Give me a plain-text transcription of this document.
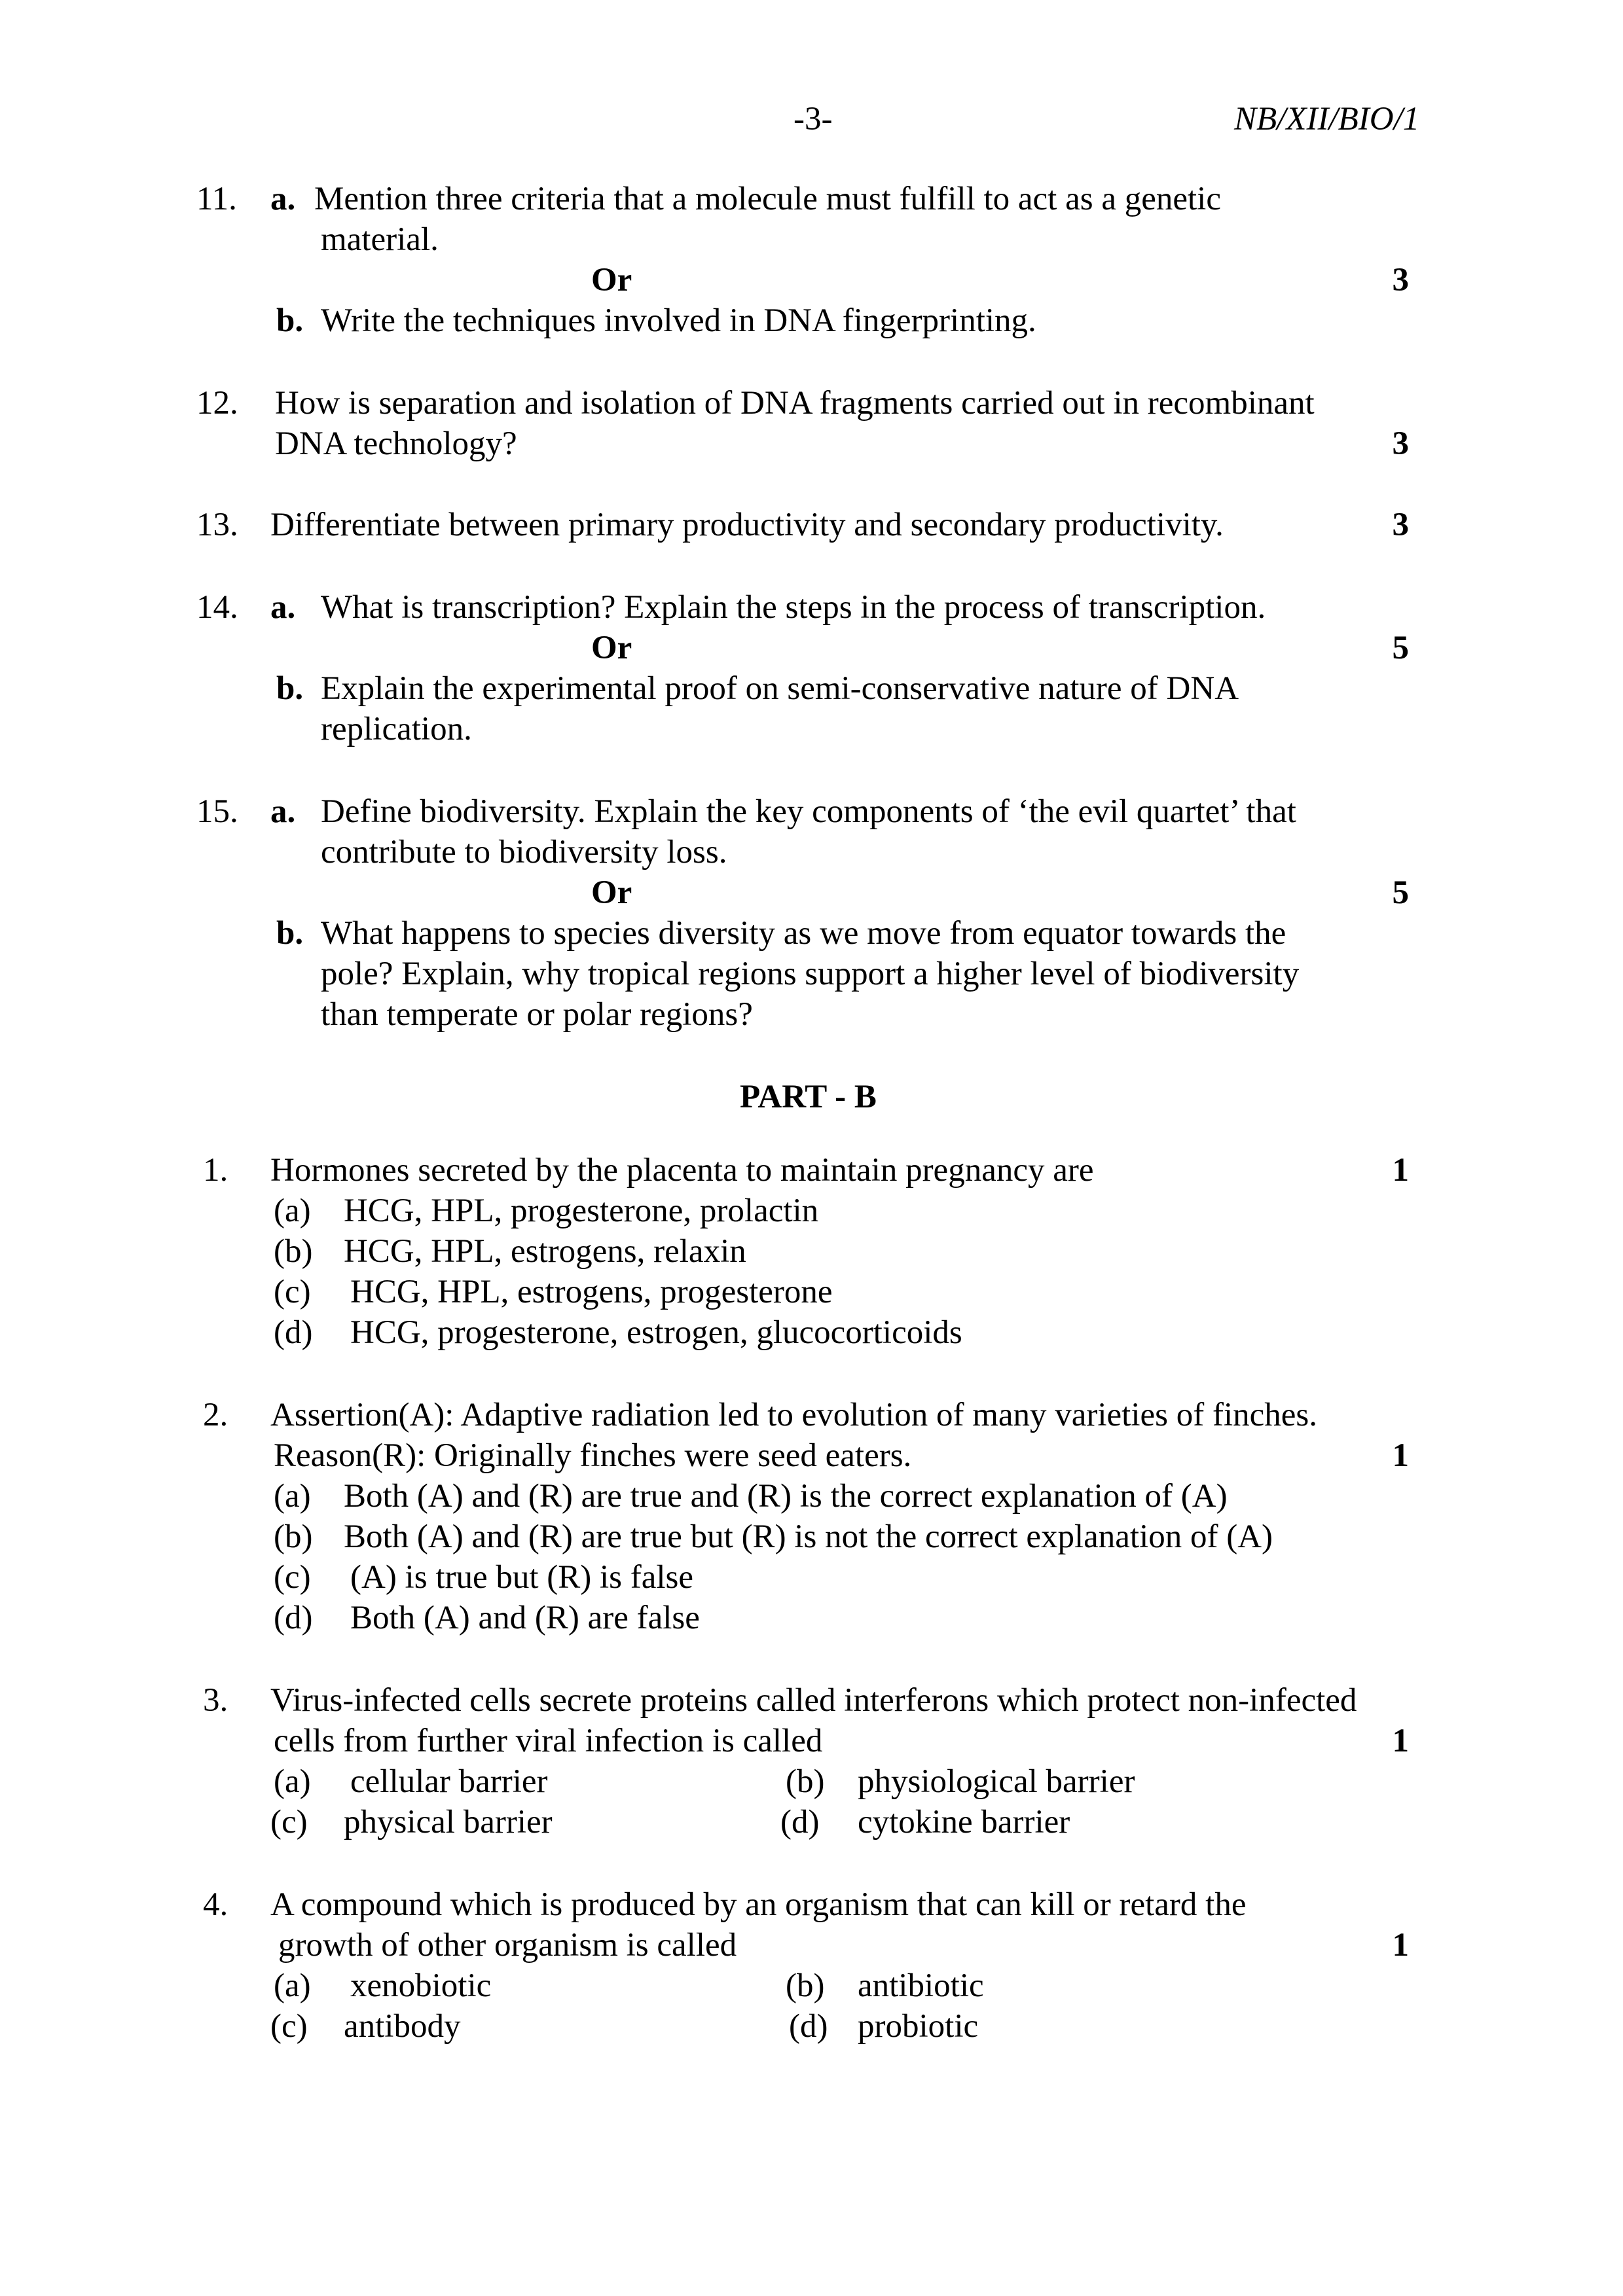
-3-	NB/XII/BIO/1
11. a. Mention three criteria that a molecule must fulfill to act as a genetic
material.
Or	3
b. Write the techniques involved in DNA fingerprinting.
12. How is separation and isolation of DNA fragments carried out in recombinant
DNA technology?	3
13. Differentiate between primary productivity and secondary productivity.	3
14. a. What is transcription? Explain the steps in the process of transcription.
Or	5
b. Explain the experimental proof on semi-conservative nature of DNA
replication.
15. a. Define biodiversity. Explain the key components of ‘the evil quartet’ that
contribute to biodiversity loss.
Or	5
b. What happens to species diversity as we move from equator towards the
pole? Explain, why tropical regions support a higher level of biodiversity
than temperate or polar regions?
PART - B
1. Hormones secreted by the placenta to maintain pregnancy are	1
(a) HCG, HPL, progesterone, prolactin
(b) HCG, HPL, estrogens, relaxin
(c) HCG, HPL, estrogens, progesterone
(d) HCG, progesterone, estrogen, glucocorticoids
2. Assertion(A): Adaptive radiation led to evolution of many varieties of finches.
Reason(R): Originally finches were seed eaters.	1
(a) Both (A) and (R) are true and (R) is the correct explanation of (A)
(b) Both (A) and (R) are true but (R) is not the correct explanation of (A)
(c) (A) is true but (R) is false
(d) Both (A) and (R) are false
3. Virus-infected cells secrete proteins called interferons which protect non-infected
cells from further viral infection is called	1
(a) cellular barrier	(b) physiological barrier
(c) physical barrier	(d) cytokine barrier
4. A compound which is produced by an organism that can kill or retard the
growth of other organism is called	1
(a) xenobiotic	(b) antibiotic
(c) antibody	(d) probiotic
